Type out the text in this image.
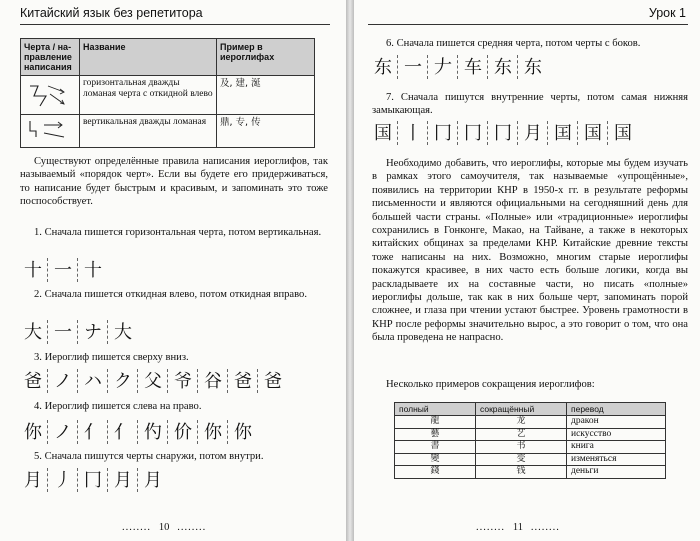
Китайский язык без репетитора
Черта / на-правление написания	Название	Пример в иероглифах
	горизонтальная дважды ломаная черта с откидной влево	及, 建, 涎
	вертикальная дважды ломаная	鼎, 专, 传
Существуют определённые правила написания иероглифов, так называемый «порядок черт». Если вы будете его придерживаться, то написание будет быстрым и красивым, и запоминать это тоже поспособствует.
1. Сначала пишется горизонтальная черта, потом вертикальная.
十 一 十
2. Сначала пишется откидная влево, потом откидная вправо.
大 一 ナ 大
3. Иероглиф пишется сверху вниз.
爸 ノ ハ ク 父 爷 谷 爸 爸
4. Иероглиф пишется слева на право.
你 ノ 亻 亻 仢 价 你 你
5. Сначала пишутся черты снаружи, потом внутри.
月 丿 冂 月 月
........ 10 ........
Урок 1
6. Сначала пишется средняя черта, потом черты с боков.
东 一 𠂇 车 东 东
7. Сначала пишутся внутренние черты, потом самая нижняя замыкающая.
国 丨 冂 冂 冂 月 囯 国 国
Необходимо добавить, что иероглифы, которые мы будем изучать в рамках этого самоучителя, так называемые «упрощённые», появились на территории КНР в 1950-х гг. в результате реформы письменности и являются официальными на сегодняшний день для большей части страны. «Полные» или «традиционные» иероглифы сохранились в Гонконге, Макао, на Тайване, а также в некоторых китайских общинах за пределами КНР. Китайские древние тексты тоже написаны на них. Возможно, многим старые иероглифы покажутся красивее, в них часто есть больше логики, когда вы раскладываете их на составные части, но писать «полные» иероглифы дольше, так как в них больше черт, запоминать порой сложнее, и глаза при чтении устают быстрее. Уровень грамотности в КНР после реформы значительно вырос, а это говорит о том, что она была проведена не напрасно.
Несколько примеров сокращения иероглифов:
полный	сокращённый	перевод
龍	龙	дракон
藝	艺	искусство
書	书	книга
變	变	изменяться
錢	钱	деньги
........ 11 ........
